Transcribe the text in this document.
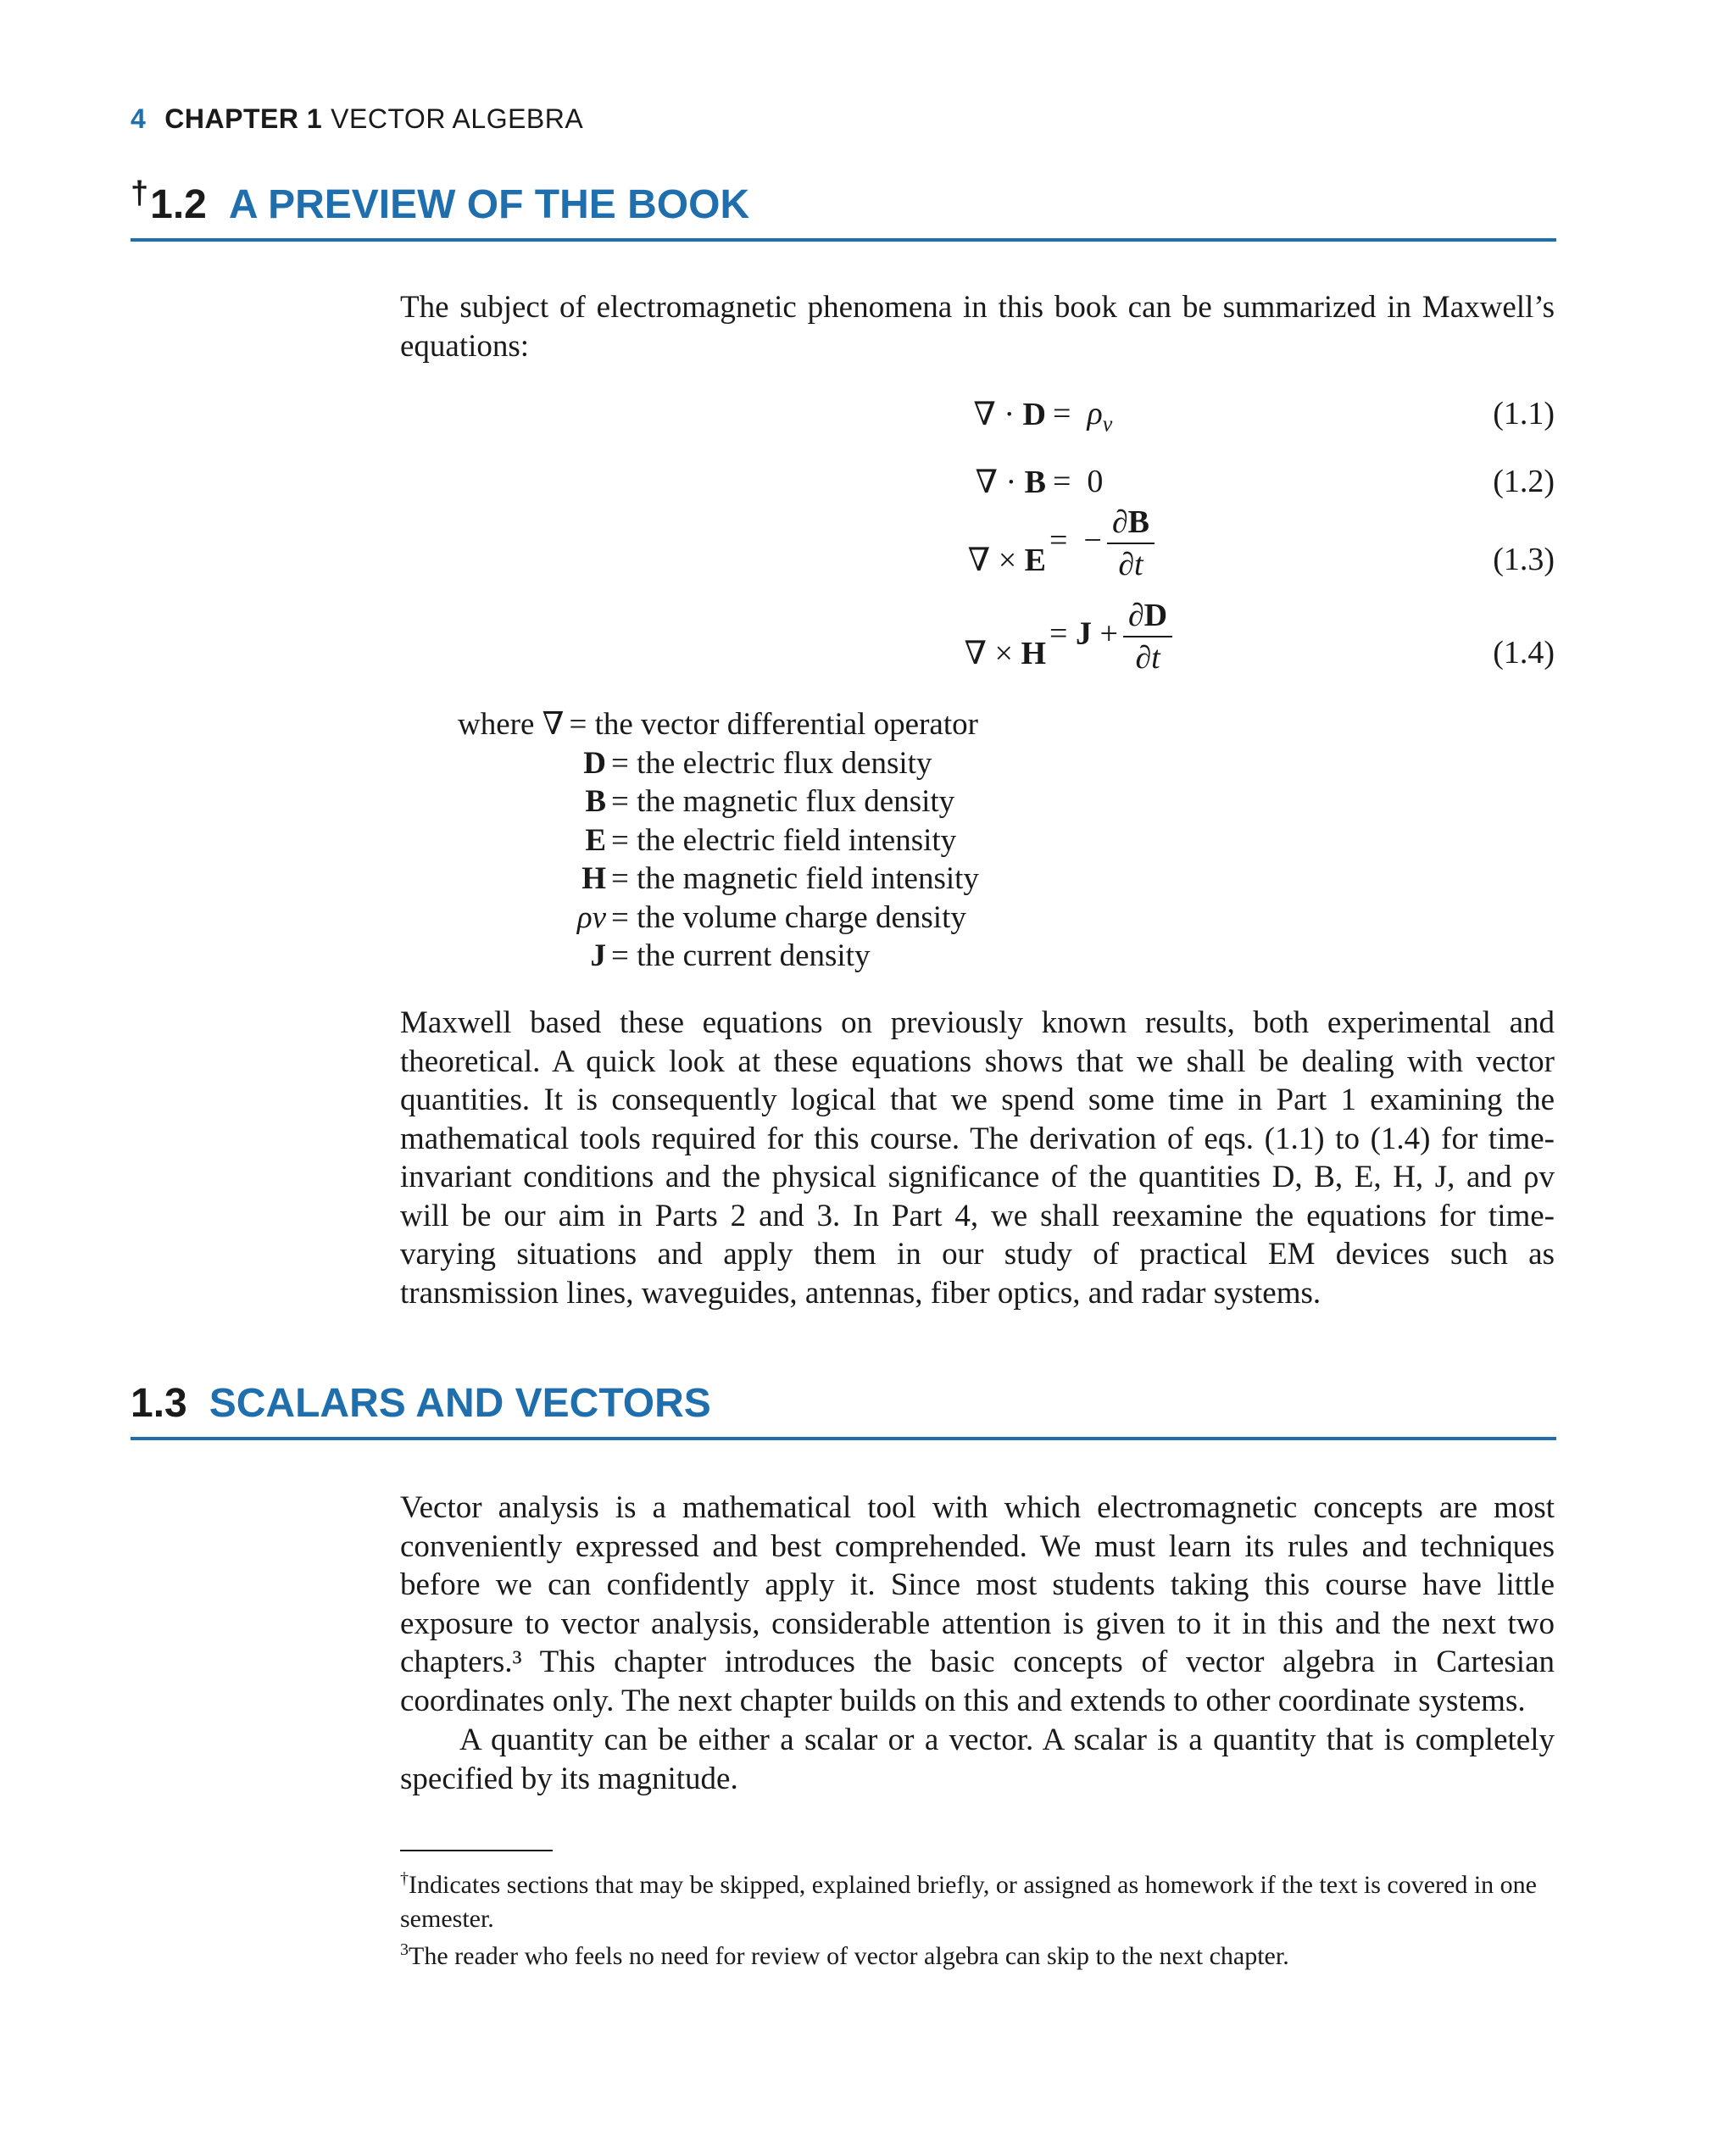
4 CHAPTER 1 VECTOR ALGEBRA
†1.2 A PREVIEW OF THE BOOK

The subject of electromagnetic phenomena in this book can be summarized in Maxwell’s equations:

∇ · $D = \rho_v$	(1.1)
∇ · B =  0	(1.2)
∇ × E
=  − $\frac{\partial B}{\partial t}$	(1.3)
∇ × H
= $J + \frac{\partial D}{\partial t}$	(1.4)
where ∇ = the vector differential operator
D = the electric flux density
B = the magnetic flux density
E = the electric field intensity
H = the magnetic field intensity
ρv = the volume charge density
J = the current density

Maxwell based these equations on previously known results, both experimental and theoretical. A quick look at these equations shows that we shall be dealing with vector quantities. It is consequently logical that we spend some time in Part 1 examining the mathematical tools required for this course. The derivation of eqs. (1.1) to (1.4) for time-invariant conditions and the physical significance of the quantities D, B, E, H, J, and ρv will be our aim in Parts 2 and 3. In Part 4, we shall reexamine the equations for time-varying situations and apply them in our study of practical EM devices such as transmission lines, waveguides, antennas, fiber optics, and radar systems.

1.3 SCALARS AND VECTORS

Vector analysis is a mathematical tool with which electromagnetic concepts are most conveniently expressed and best comprehended. We must learn its rules and techniques before we can confidently apply it. Since most students taking this course have little exposure to vector analysis, considerable attention is given to it in this and the next two chapters.³ This chapter introduces the basic concepts of vector algebra in Cartesian coordinates only. The next chapter builds on this and extends to other coordinate systems.

A quantity can be either a scalar or a vector. A scalar is a quantity that is completely specified by its magnitude.

†Indicates sections that may be skipped, explained briefly, or assigned as homework if the text is covered in one semester.
$^3$The reader who feels no need for review of vector algebra can skip to the next chapter.
